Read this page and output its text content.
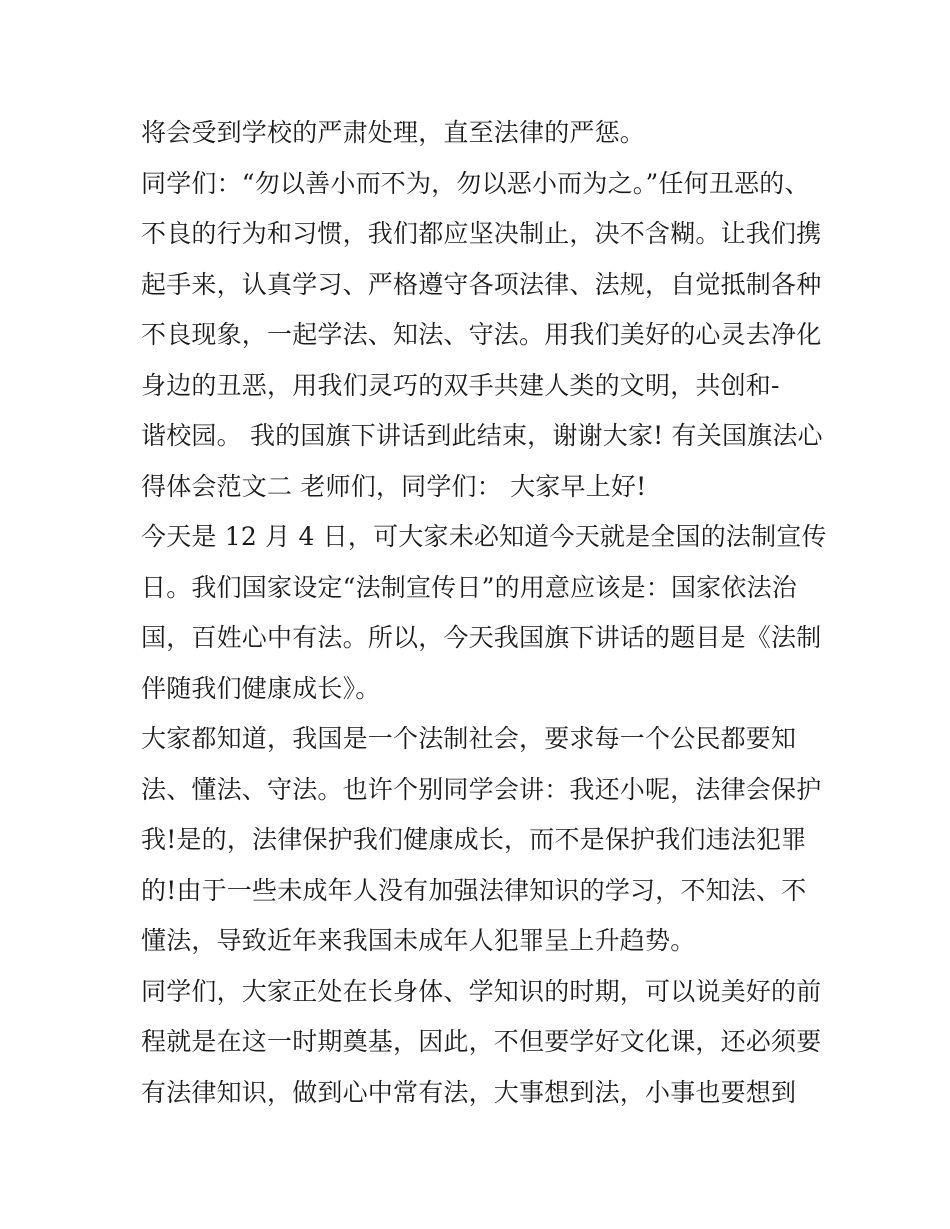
将会受到学校的严肃处理，直至法律的严惩。
同学们：“勿以善小而不为，勿以恶小而为之。”任何丑恶的、
不良的行为和习惯，我们都应坚决制止，决不含糊。让我们携
起手来，认真学习、严格遵守各项法律、法规，自觉抵制各种
不良现象，一起学法、知法、守法。用我们美好的心灵去净化
身边的丑恶，用我们灵巧的双手共建人类的文明，共创和-
谐校园。 我的国旗下讲话到此结束，谢谢大家! 有关国旗法心
得体会范文二 老师们，同学们： 大家早上好!
今天是 12 月 4 日，可大家未必知道今天就是全国的法制宣传
日。我们国家设定“法制宣传日”的用意应该是：国家依法治
国，百姓心中有法。所以，今天我国旗下讲话的题目是《法制
伴随我们健康成长》。
大家都知道，我国是一个法制社会，要求每一个公民都要知
法、懂法、守法。也许个别同学会讲：我还小呢，法律会保护
我!是的，法律保护我们健康成长，而不是保护我们违法犯罪
的!由于一些未成年人没有加强法律知识的学习，不知法、不
懂法，导致近年来我国未成年人犯罪呈上升趋势。
同学们，大家正处在长身体、学知识的时期，可以说美好的前
程就是在这一时期奠基，因此，不但要学好文化课，还必须要
有法律知识，做到心中常有法，大事想到法，小事也要想到
